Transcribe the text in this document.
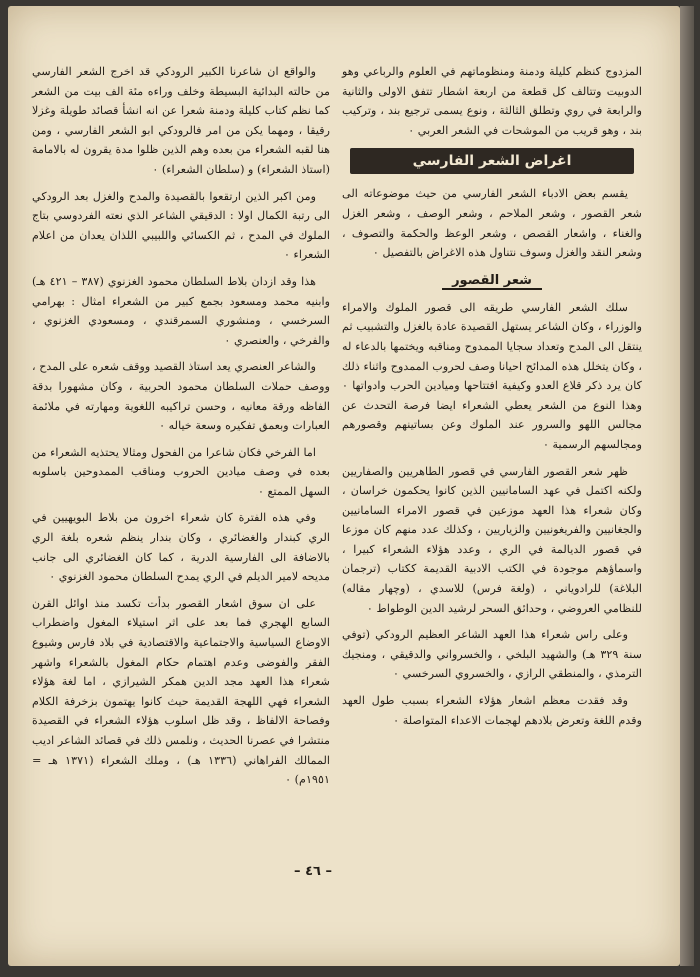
المزدوج كنظم كليلة ودمنة ومنظوماتهم في العلوم والرباعي وهو الدوبيت وتتالف كل قطعة من اربعة اشطار تتفق الاولى والثانية والرابعة في روي وتطلق الثالثة ، ونوع يسمى ترجيع بند ، وتركيب بند ، وهو قريب من الموشحات في الشعر العربي ٠

اغراض الشعر الفارسي

يقسم بعض الادباء الشعر الفارسي من حيث موضوعاته الى شعر القصور ، وشعر الملاحم ، وشعر الوصف ، وشعر الغزل والغناء ، واشعار القصص ، وشعر الوعظ والحكمة والتصوف ، وشعر النقد والغزل وسوف نتناول هذه الاغراض بالتفصيل ٠

شعر القصور

سلك الشعر الفارسي طريقه الى قصور الملوك والامراء والوزراء ، وكان الشاعر يستهل القصيدة عادة بالغزل والتشبيب ثم ينتقل الى المدح وتعداد سجايا الممدوح ومناقبه ويختمها بالدعاء له ، وكان يتخلل هذه المدائح احيانا وصف لحروب الممدوح واثناء ذلك كان يرد ذكر قلاع العدو وكيفية افتتاحها وميادين الحرب وادواتها ٠ وهذا النوع من الشعر يعطي الشعراء ايضا فرصة التحدث عن مجالس اللهو والسرور عند الملوك وعن بساتينهم وقصورهم ومجالسهم الرسمية ٠

ظهر شعر القصور الفارسي في قصور الطاهريين والصفاريين ولكنه اكتمل في عهد السامانيين الذين كانوا يحكمون خراسان ، وكان شعراء هذا العهد موزعين في قصور الامراء السامانيين والجغانيين والفريغونيين والزياريين ، وكذلك عدد منهم كان موزعا في قصور الديالمة في الري ، وعدد هؤلاء الشعراء كبيرا ، واسماؤهم موجودة في الكتب الادبية القديمة ككتاب (ترجمان البلاغة) للرادوياني ، (ولغة فرس) للاسدي ، (وچهار مقاله) للنظامي العروضي ، وحدائق السحر لرشيد الدين الوطواط ٠

وعلى راس شعراء هذا العهد الشاعر العظيم الرودكي (توفي سنة ٣٢٩ هـ) والشهيد البلخي ، والخسرواني والدقيقي ، ومنجيك الترمذي ، والمنطقي الرازي ، والخسروي السرخسي ٠

وقد فقدت معظم اشعار هؤلاء الشعراء بسبب طول العهد وقدم اللغة وتعرض بلادهم لهجمات الاعداء المتواصلة ٠

والواقع ان شاعرنا الكبير الرودكي قد اخرج الشعر الفارسي من حالته البدائية البسيطة وخلف وراءه مئة الف بيت من الشعر كما نظم كتاب كليلة ودمنة شعرا عن انه انشأ قصائد طويلة وغزلا رقيقا ، ومهما يكن من امر فالرودكي ابو الشعر الفارسي ، ومن هنا لقبه الشعراء من بعده وهم الذين ظلوا مدة يقرون له بالامامة (استاذ الشعراء) و (سلطان الشعراء) ٠

ومن اكبر الذين ارتقعوا بالقصيدة والمدح والغزل بعد الرودكي الى رتبة الكمال اولا : الدقيقي الشاعر الذي نعته الفردوسي بتاج الملوك في المدح ، ثم الكسائي واللبيبي اللذان يعدان من اعلام الشعراء ٠

هذا وقد ازدان بلاط السلطان محمود الغزنوي (٣٨٧ – ٤٢١ هـ) وابنيه محمد ومسعود بجمع كبير من الشعراء امثال : بهرامي السرخسي ، ومنشوري السمرقندي ، ومسعودي الغزنوي ، والفرخي ، والعنصري ٠

والشاعر العنصري يعد استاذ القصيد ووقف شعره على المدح ، ووصف حملات السلطان محمود الحربية ، وكان مشهورا بدقة الفاظه ورقة معانيه ، وحسن تراكيبه اللغوية ومهارته في ملائمة العبارات وبعمق تفكيره وسعة خياله ٠

اما الفرخي فكان شاعرا من الفحول ومثالا يحتذيه الشعراء من بعده في وصف ميادين الحروب ومناقب الممدوحين باسلوبه السهل الممتع ٠

وفي هذه الفترة كان شعراء اخرون من بلاط البويهيين في الري كبندار والغضائري ، وكان بندار ينظم شعره بلغة الري بالاضافة الى الفارسية الدرية ، كما كان الغضائري الى جانب مديحه لامير الديلم في الري يمدح السلطان محمود الغزنوي ٠

على ان سوق اشعار القصور بدأت تكسد منذ اوائل القرن السابع الهجري فما بعد على اثر استيلاء المغول واضطراب الاوضاع السياسية والاجتماعية والاقتصادية في بلاد فارس وشيوع الفقر والفوضى وعدم اهتمام حكام المغول بالشعراء واشهر شعراء هذا العهد مجد الدين همكر الشيرازي ، اما لغة هؤلاء الشعراء فهي اللهجة القديمة حيث كانوا يهتمون بزخرفة الكلام وفصاحة الالفاظ ، وقد ظل اسلوب هؤلاء الشعراء في القصيدة منتشرا في عصرنا الحديث ، ونلمس ذلك في قصائد الشاعر اديب الممالك الفراهاني (١٣٣٦ هـ) ، وملك الشعراء (١٣٧١ هـ = ١٩٥١م) ٠

– ٤٦ –
